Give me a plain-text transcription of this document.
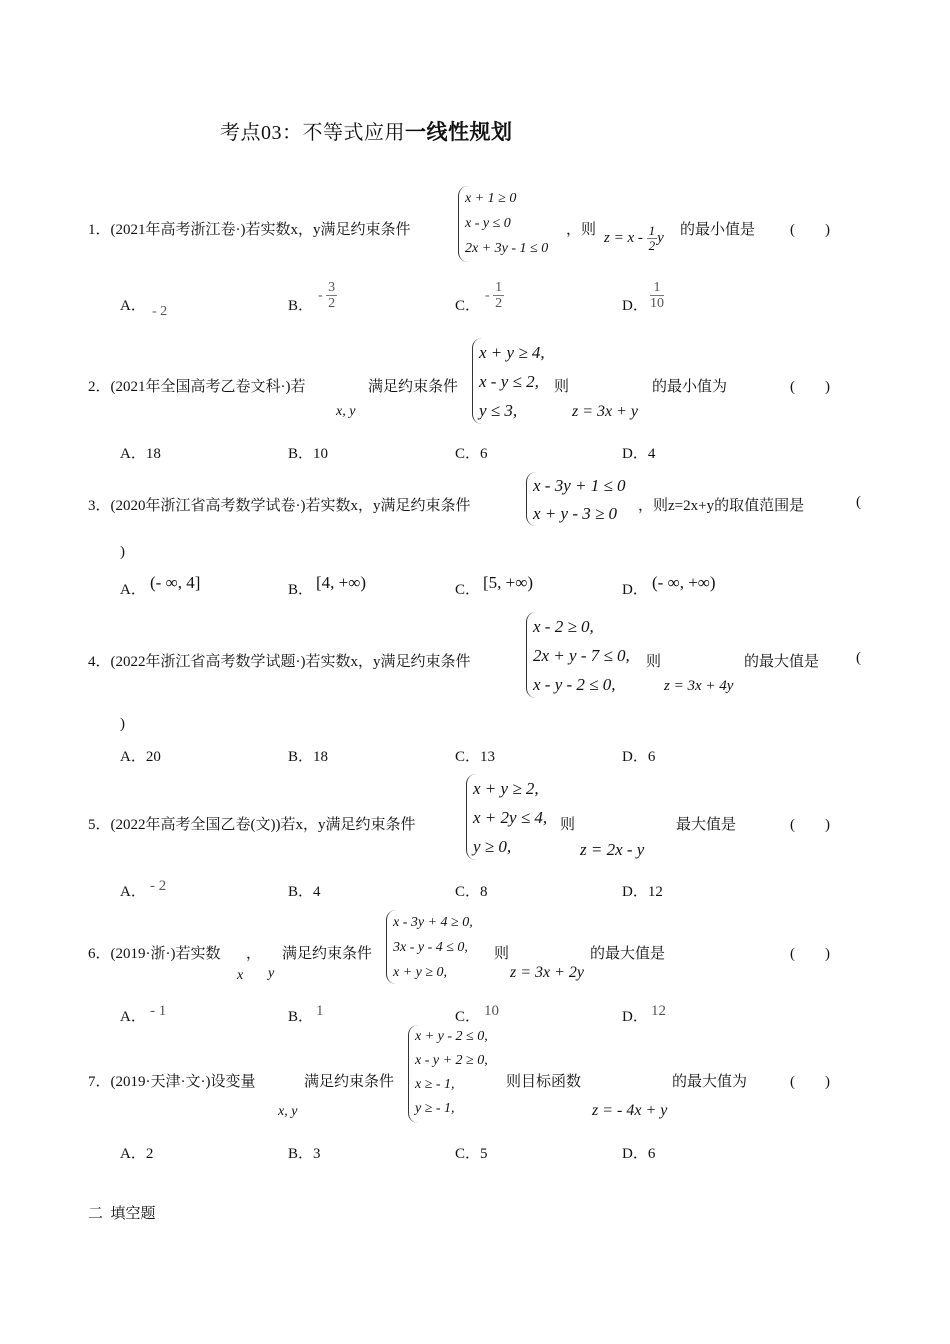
考点03：不等式应用一线性规划
1．(2021年高考浙江卷·)若实数x，y满足约束条件
x + 1 ≥ 0
x - y ≤ 0
2x + 3y - 1 ≤ 0
，则
$z = x - \frac{1}{2}$ y
的最小值是 (　　)
A． - 2	B．
- $\frac{3}{2}$	C．
- $\frac{1}{2}$	D． $\frac{1}{10}$
2．(2021年全国高考乙卷文科·)若
x, y
满足约束条件
x + y ≥ 4,
x - y ≤ 2,
y ≤ 3,
则
z = 3x + y
的最小值为	(　　)
A．18	B．10	C．6	D．4
3．(2020年浙江省高考数学试卷·)若实数x，y满足约束条件
x - 3y + 1 ≤ 0
x + y - 3 ≥ 0	，则z=2x+y的取值范围是	(
)
A． (- ∞, 4]	B． [4, +∞)	C． [5, +∞)	D． (- ∞, +∞)
4．(2022年浙江省高考数学试题·)若实数x，y满足约束条件
x - 2 ≥ 0,
2x + y - 7 ≤ 0,
x - y - 2 ≤ 0,
则
z = 3x + 4y
的最大值是 (
)
A．20	B．18	C．13	D．6
5．(2022年高考全国乙卷(文))若x，y满足约束条件
x + y ≥ 2,
x + 2y ≤ 4,
y ≥ 0,
则
z = 2x - y
最大值是	(　　)
A． - 2	B．4	C．8	D．12
6．(2019·浙·)若实数 ，
x y
满足约束条件
x - 3y + 4 ≥ 0,
3x - y - 4 ≤ 0,
x + y ≥ 0,
则
z = 3x + 2y
的最大值是	(　　)
A． - 1	B． 1	C． 10	D． 12
7．(2019·天津·文·)设变量
x, y
满足约束条件
x + y - 2 ≤ 0,
x - y + 2 ≥ 0,
x ≥ - 1,
y ≥ - 1,
则目标函数
z = - 4x + y
的最大值为	(　　)
A．2	B．3	C．5	D．6
二  填空题
